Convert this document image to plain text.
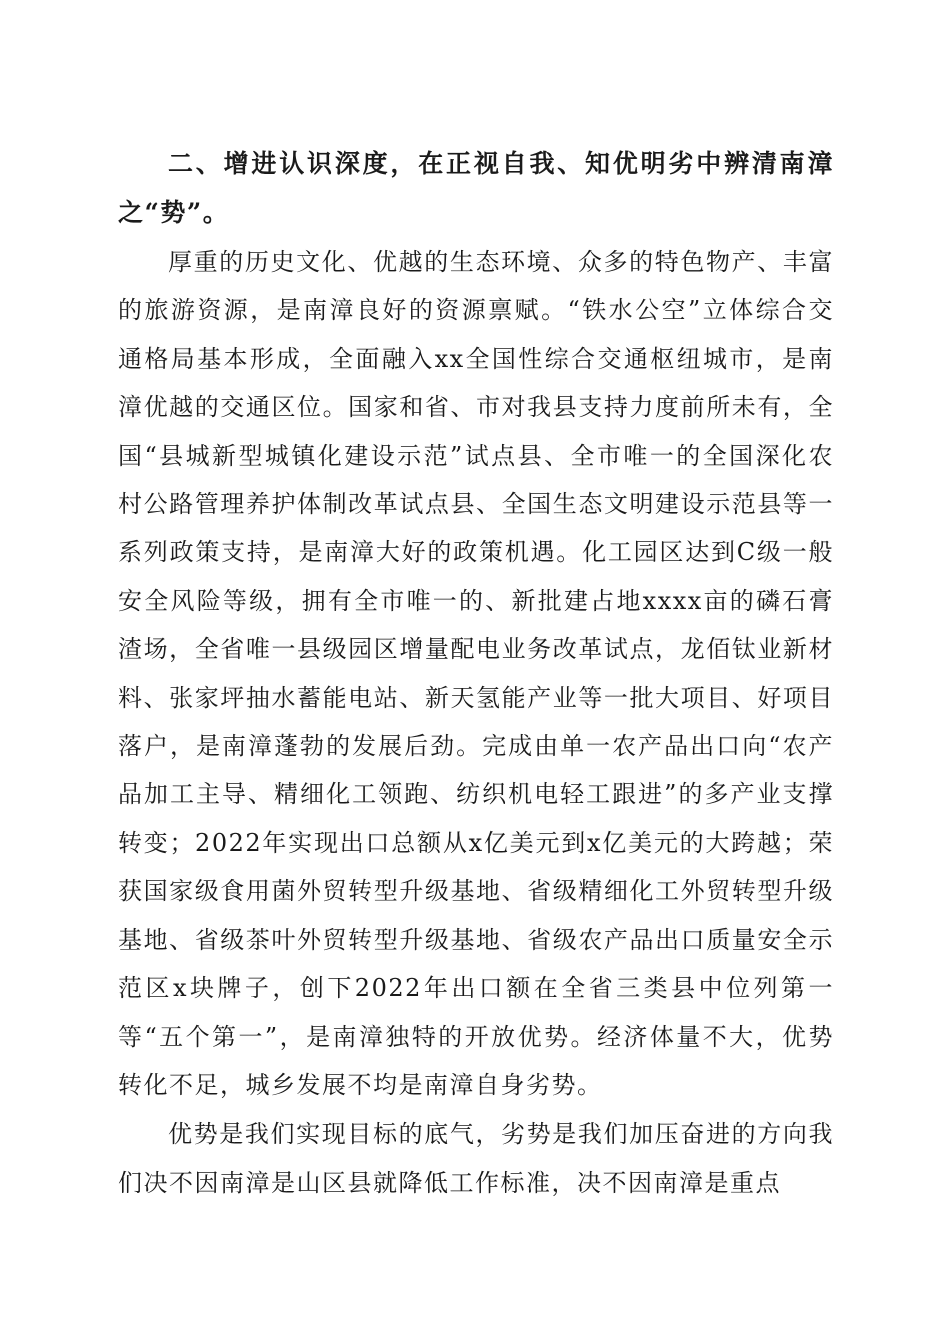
二、增进认识深度，在正视自我、知优明劣中辨清南漳之“势”。

厚重的历史文化、优越的生态环境、众多的特色物产、丰富的旅游资源，是南漳良好的资源禀赋。“铁水公空”立体综合交通格局基本形成，全面融入xx全国性综合交通枢纽城市，是南漳优越的交通区位。国家和省、市对我县支持力度前所未有，全国“县城新型城镇化建设示范”试点县、全市唯一的全国深化农村公路管理养护体制改革试点县、全国生态文明建设示范县等一系列政策支持，是南漳大好的政策机遇。化工园区达到C级一般安全风险等级，拥有全市唯一的、新批建占地xxxx亩的磷石膏渣场，全省唯一县级园区增量配电业务改革试点，龙佰钛业新材料、张家坪抽水蓄能电站、新天氢能产业等一批大项目、好项目落户，是南漳蓬勃的发展后劲。完成由单一农产品出口向“农产品加工主导、精细化工领跑、纺织机电轻工跟进”的多产业支撑转变；2022年实现出口总额从x亿美元到x亿美元的大跨越；荣获国家级食用菌外贸转型升级基地、省级精细化工外贸转型升级基地、省级茶叶外贸转型升级基地、省级农产品出口质量安全示范区x块牌子，创下2022年出口额在全省三类县中位列第一等“五个第一”，是南漳独特的开放优势。经济体量不大，优势转化不足，城乡发展不均是南漳自身劣势。

优势是我们实现目标的底气，劣势是我们加压奋进的方向我们决不因南漳是山区县就降低工作标准，决不因南漳是重点
